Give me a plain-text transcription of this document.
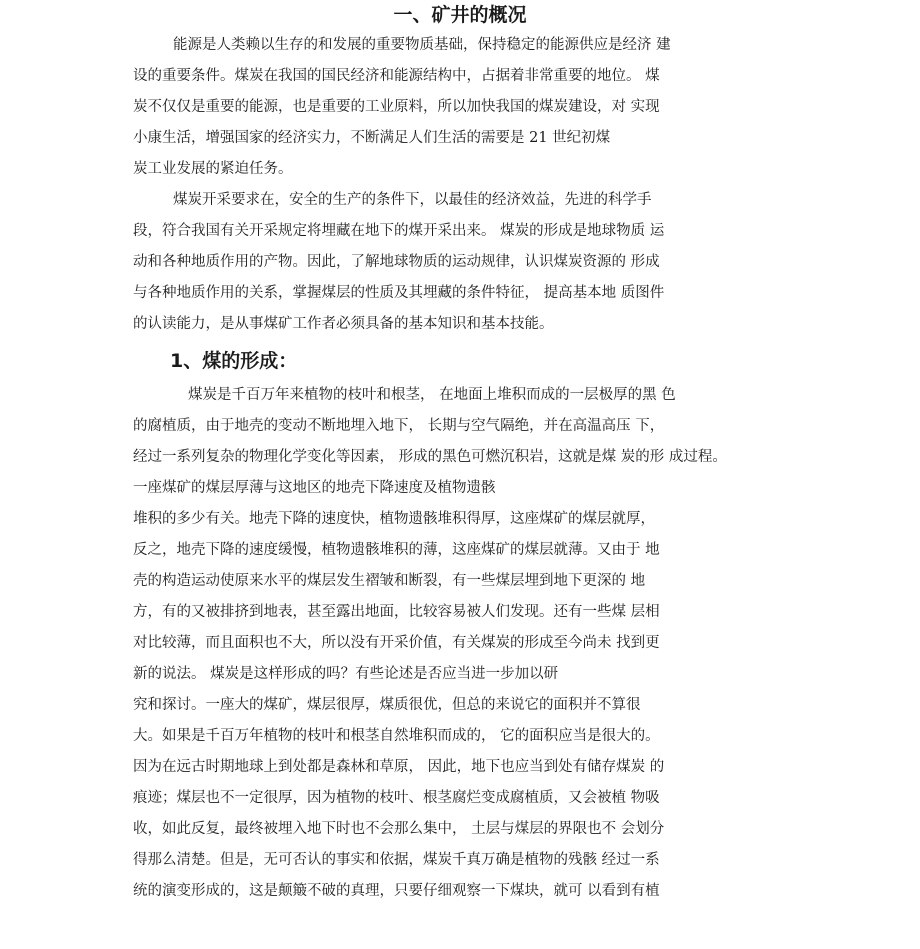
一、矿井的概况
1、煤的形成：
能源是人类赖以生存的和发展的重要物质基础，保持稳定的能源供应是经济 建
设的重要条件。煤炭在我国的国民经济和能源结构中，占据着非常重要的地位。 煤
炭不仅仅是重要的能源，也是重要的工业原料，所以加快我国的煤炭建设，对 实现
小康生活，增强国家的经济实力，不断满足人们生活的需要是 21 世纪初煤
炭工业发展的紧迫任务。
煤炭开采要求在，安全的生产的条件下，以最佳的经济效益，先进的科学手
段，符合我国有关开采规定将埋藏在地下的煤开采出来。 煤炭的形成是地球物质 运
动和各种地质作用的产物。因此，了解地球物质的运动规律，认识煤炭资源的 形成
与各种地质作用的关系，掌握煤层的性质及其埋藏的条件特征， 提高基本地 质图件
的认读能力，是从事煤矿工作者必须具备的基本知识和基本技能。
煤炭是千百万年来植物的枝叶和根茎， 在地面上堆积而成的一层极厚的黑 色
的腐植质，由于地壳的变动不断地埋入地下， 长期与空气隔绝，并在高温高压 下，
经过一系列复杂的物理化学变化等因素， 形成的黑色可燃沉积岩，这就是煤 炭的形 成过程。
一座煤矿的煤层厚薄与这地区的地壳下降速度及植物遗骸
堆积的多少有关。地壳下降的速度快，植物遗骸堆积得厚，这座煤矿的煤层就厚，
反之，地壳下降的速度缓慢，植物遗骸堆积的薄，这座煤矿的煤层就薄。又由于 地
壳的构造运动使原来水平的煤层发生褶皱和断裂，有一些煤层埋到地下更深的 地
方，有的又被排挤到地表，甚至露出地面，比较容易被人们发现。还有一些煤 层相
对比较薄，而且面积也不大，所以没有开采价值，有关煤炭的形成至今尚未 找到更
新的说法。 煤炭是这样形成的吗？有些论述是否应当进一步加以研
究和探讨。一座大的煤矿，煤层很厚，煤质很优，但总的来说它的面积并不算很
大。如果是千百万年植物的枝叶和根茎自然堆积而成的， 它的面积应当是很大的。
因为在远古时期地球上到处都是森林和草原， 因此，地下也应当到处有储存煤炭 的
痕迹；煤层也不一定很厚，因为植物的枝叶、根茎腐烂变成腐植质，又会被植 物吸
收，如此反复，最终被埋入地下时也不会那么集中， 土层与煤层的界限也不 会划分
得那么清楚。但是，无可否认的事实和依据，煤炭千真万确是植物的残骸 经过一系
统的演变形成的，这是颠簸不破的真理，只要仔细观察一下煤块，就可 以看到有植
